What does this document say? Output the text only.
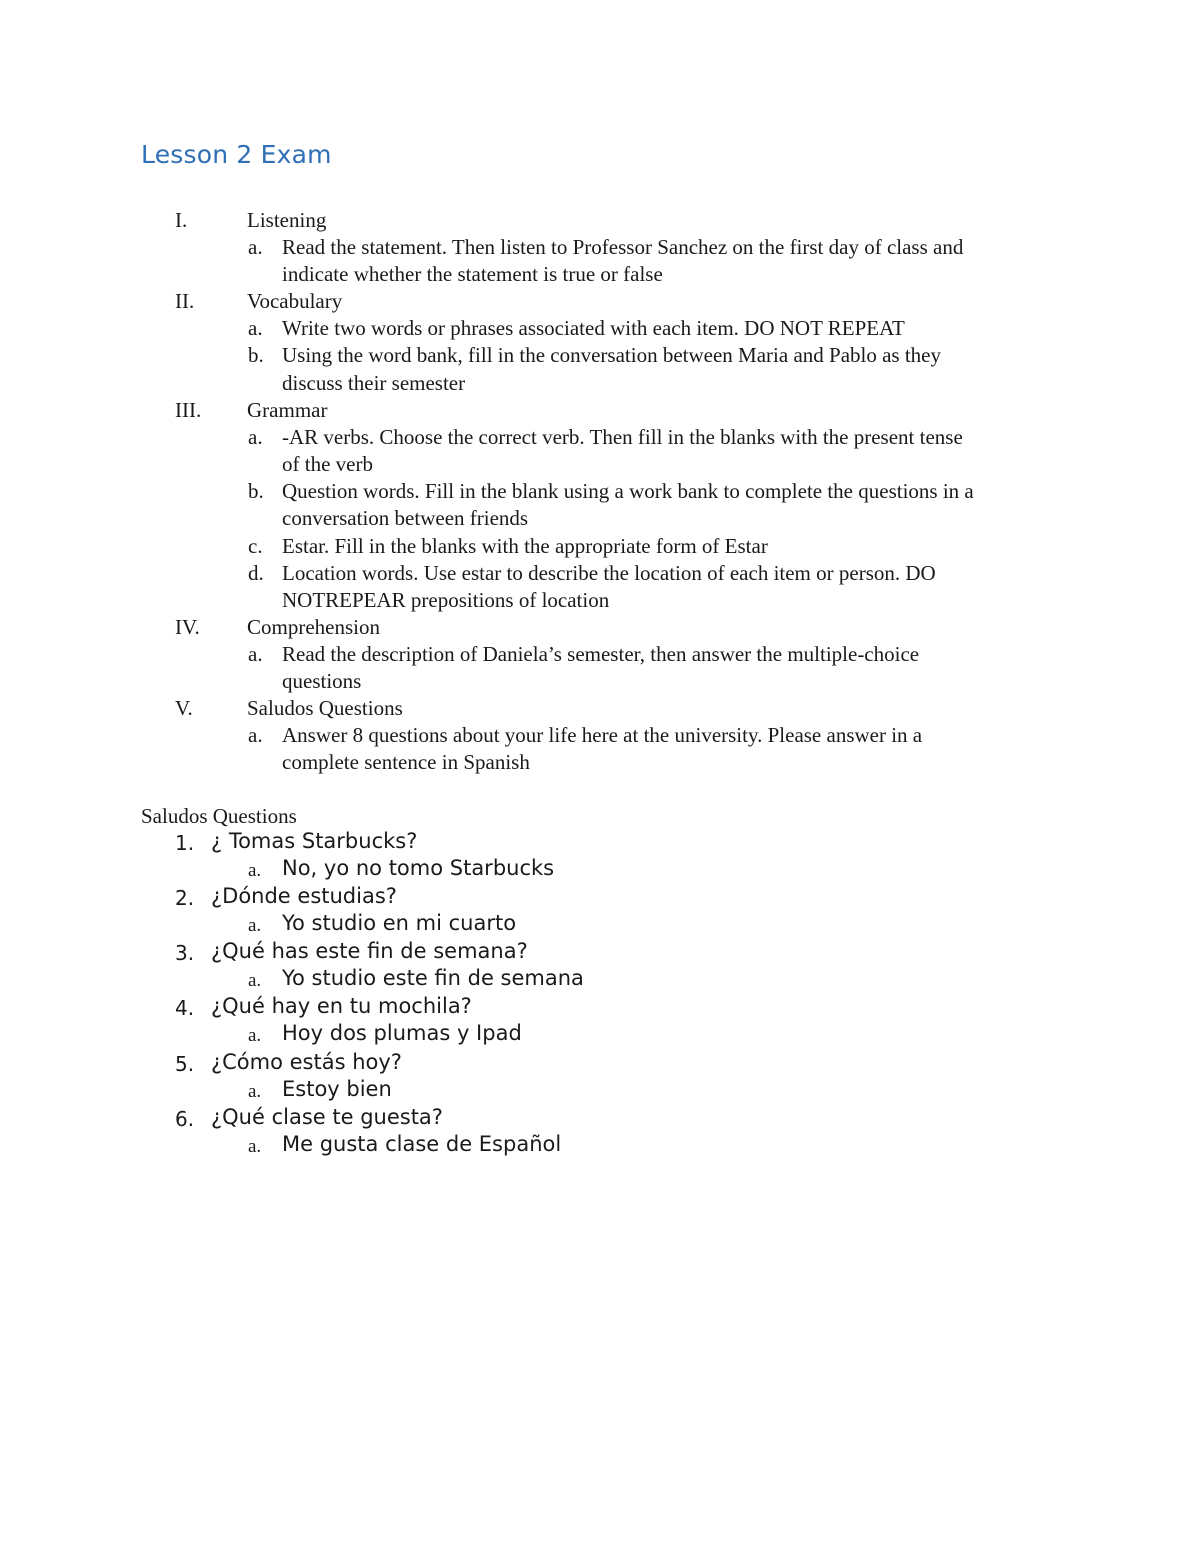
Lesson 2 Exam
I.	Listening
a. Read the statement. Then listen to Professor Sanchez on the first day of class and
indicate whether the statement is true or false
II.	Vocabulary
a. Write two words or phrases associated with each item. DO NOT REPEAT
b. Using the word bank, fill in the conversation between Maria and Pablo as they
discuss their semester
III. Grammar
a. -AR verbs. Choose the correct verb. Then fill in the blanks with the present tense
of the verb
b. Question words. Fill in the blank using a work bank to complete the questions in a
conversation between friends
c. Estar. Fill in the blanks with the appropriate form of Estar
d. Location words. Use estar to describe the location of each item or person. DO
NOTREPEAR prepositions of location
IV. Comprehension
a. Read the description of Daniela’s semester, then answer the multiple-choice
questions
V.	Saludos Questions
a. Answer 8 questions about your life here at the university. Please answer in a
complete sentence in Spanish
Saludos Questions
1. ¿ Tomas Starbucks?
a. No, yo no tomo Starbucks
2. ¿Dónde estudias?
a. Yo studio en mi cuarto
3. ¿Qué has este fin de semana?
a. Yo studio este fin de semana
4. ¿Qué hay en tu mochila?
a. Hoy dos plumas y Ipad
5. ¿Cómo estás hoy?
a. Estoy bien
6. ¿Qué clase te guesta?
a. Me gusta clase de Español
